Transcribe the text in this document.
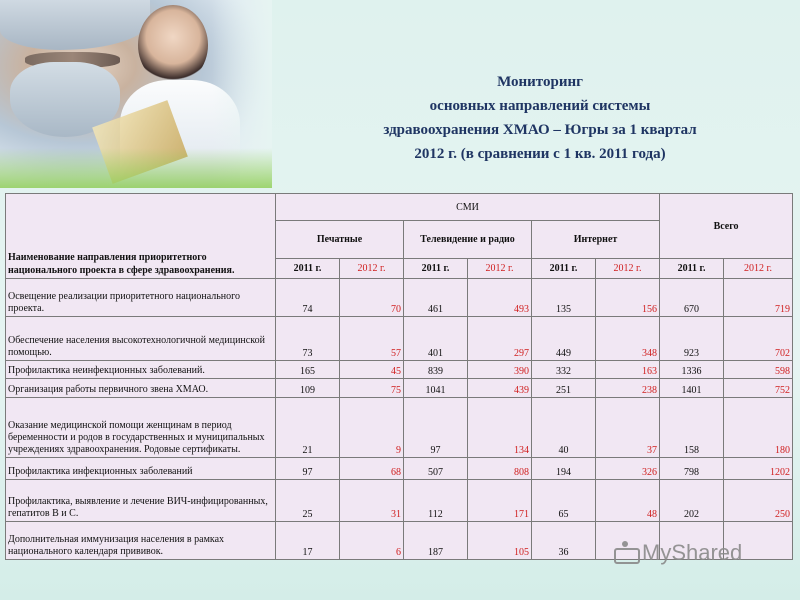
Мониторинг
основных направлений системы
здравоохранения ХМАО – Югры за 1 квартал
2012 г. (в сравнении с 1 кв. 2011 года)
Наименование направления приоритетного национального проекта в сфере здравоохранения.	СМИ						Всего	
	Печатные		Телевидение и радио		Интернет			
	2011 г.	2012 г.	2011 г.	2012 г.	2011 г.	2012 г.	2011 г.	2012 г.
Освещение реализации приоритетного национального проекта.	74	70	461	493	135	156	670	719
Обеспечение населения высокотехнологичной медицинской помощью.	73	57	401	297	449	348	923	702
Профилактика неинфекционных заболеваний.	165	45	839	390	332	163	1336	598
Организация работы первичного звена ХМАО.	109	75	1041	439	251	238	1401	752
Оказание медицинской помощи женщинам в период беременности и родов в государственных и муниципальных учреждениях здравоохранения. Родовые сертификаты.	21	9	97	134	40	37	158	180
Профилактика инфекционных заболеваний	97	68	507	808	194	326	798	1202
Профилактика, выявление и лечение ВИЧ-инфицированных, гепатитов В и С.	25	31	112	171	65	48	202	250
Дополнительная иммунизация населения в рамках национального календаря прививок.	17	6	187	105	36				MyShared
